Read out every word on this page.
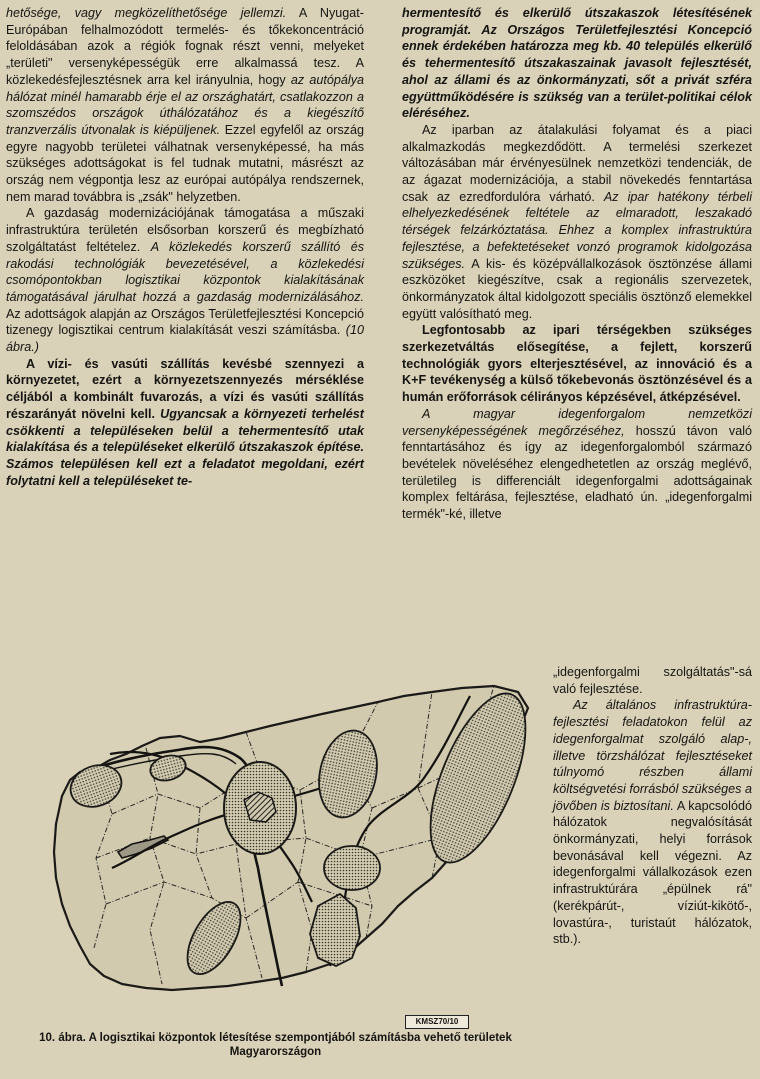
hetősége, vagy megközelíthetősége jellemzi. A Nyugat-Európában felhalmozódott termelés- és tőkekoncentráció feloldásában azok a régiók fognak részt venni, melyeket „területi" versenyképességük erre alkalmassá tesz. A közlekedésfejlesztésnek arra kel irányulnia, hogy az autópálya hálózat minél hamarabb érje el az országhatárt, csatlakozzon a szomszédos országok úthálózatához és a kiegészítő tranzverzális útvonalak is kiépüljenek. Ezzel egyfelől az ország egyre nagyobb területei válhatnak versenyképessé, ha más szükséges adottságokat is fel tudnak mutatni, másrészt az ország nem végpontja lesz az európai autópálya rendszernek, nem marad továbbra is „zsák" helyzetben.

A gazdaság modernizációjának támogatása a műszaki infrastruktúra területén elsősorban korszerű és megbízható szolgáltatást feltételez. A közlekedés korszerű szállító és rakodási technológiák bevezetésével, a közlekedési csomópontokban logisztikai központok kialakításának támogatásával járulhat hozzá a gazdaság modernizálásához. Az adottságok alapján az Országos Területfejlesztési Koncepció tizenegy logisztikai centrum kialakítását veszi számításba. (10 ábra.)

A vízi- és vasúti szállítás kevésbé szennyezi a környezetet, ezért a környezetszennyezés mérséklése céljából a kombinált fuvarozás, a vízi és vasúti szállítás részarányát növelni kell. Ugyancsak a környezeti terhelést csökkenti a településeken belül a tehermentesítő utak kialakítása és a településeket elkerülő útszakaszok építése. Számos településen kell ezt a feladatot megoldani, ezért folytatni kell a településeket te-

hermentesítő és elkerülő útszakaszok létesítésének programját. Az Országos Területfejlesztési Koncepció ennek érdekében határozza meg kb. 40 település elkerülő és tehermentesítő útszakaszainak javasolt fejlesztését, ahol az állami és az önkormányzati, sőt a privát szféra együttműködésére is szükség van a terület-politikai célok eléréséhez.

Az iparban az átalakulási folyamat és a piaci alkalmazkodás megkezdődött. A termelési szerkezet változásában már érvényesülnek nemzetközi tendenciák, de az ágazat modernizációja, a stabil növekedés fenntartása csak az ezredfordulóra várható. Az ipar hatékony térbeli elhelyezkedésének feltétele az elmaradott, leszakadó térségek felzárkóztatása. Ehhez a komplex infrastruktúra fejlesztése, a befektetéseket vonzó programok kidolgozása szükséges. A kis- és középvállalkozások ösztönzése állami eszközöket kiegészítve, csak a regionális szervezetek, önkormányzatok által kidolgozott speciális ösztönző elemekkel együtt valósítható meg.

Legfontosabb az ipari térségekben szükséges szerkezetváltás elősegítése, a fejlett, korszerű technológiák gyors elterjesztésével, az innováció és a K+F tevékenység a külső tőkebevonás ösztönzésével és a humán erőforrások célirányos képzésével, átképzésével.

A magyar idegenforgalom nemzetközi versenyképességének megőrzéséhez, hosszú távon való fenntartásához és így az idegenforgalomból származó bevételek növeléséhez elengedhetetlen az ország meglévő, területileg is differenciált idegenforgalmi adottságainak komplex feltárása, fejlesztése, eladható ún. „idegenforgalmi termék"-ké, illetve

„idegenforgalmi szolgáltatás"-sá való fejlesztése.

Az általános infrastruktúra-fejlesztési feladatokon felül az idegenforgalmat szolgáló alap-, illetve törzshálózat fejlesztéseket túlnyomó részben állami költségvetési forrásból szükséges a jövőben is biztosítani. A kapcsolódó hálózatok negvalósítását önkormányzati, helyi források bevonásával kell végezni. Az idegenforgalmi vállalkozások ezen infrastruktúrára „épülnek rá" (kerékpárút-, víziút-kikötő-, lovastúra-, turistaút hálózatok, stb.).

KMSZ70/10
10. ábra. A logisztikai központok létesítése szempontjából számításba vehető területek Magyarországon
